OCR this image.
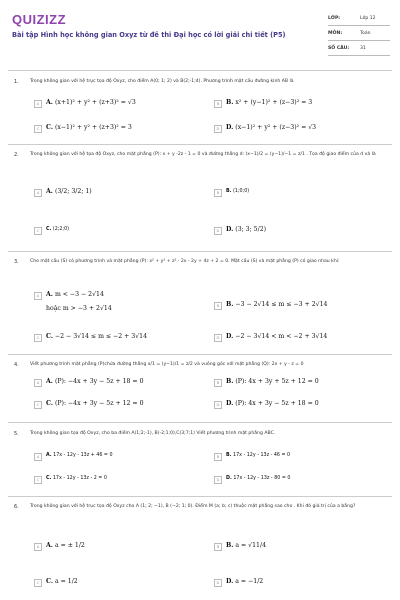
QUIZIZZ
Bài tập Hình học không gian Oxyz từ đề thi Đại học có lời giải chi tiết (P5)
LỚP:	Lớp 12
MÔN:	Toán
SỐ CÂU: 31
1. Trong không gian với hệ trục tọa độ Oxyz, cho điểm A(0; 1; 2) và B(2;-1;4). Phương trình mặt cầu đường kính AB là
A	A. (x+1)² + y² + (z+3)² = √3	B	B. x² + (y−1)² + (z−3)² = 3
C	C. (x−1)² + y² + (z+3)² = 3	D	D. (x−1)² + y² + (z−3)² = √3
2. Trong không gian với hệ tọa độ Oxyz, cho mặt phẳng (P): x + y -2z - 1 = 0 và đường thẳng d: (x−1)/2 = (y−1)/−1 = z/1 . Tọa độ giao điểm của d và là
A	A. (3/2; 3/2; 1)	B	B. (1;0;0)
C	C. (2;2;0)	D	D. (3; 3; 5/2)
3. Cho mặt cầu (S) có phương trình và mặt phẳng (P): x² + y² + z² - 2x - 2y + 4z + 2 = 0. Mặt cầu (S) và mặt phẳng (P) có giao nhau khi:
A	A. m < −3 − 2√14
hoặc m > −3 + 2√14	B	B. −3 − 2√14 ≤ m ≤ −3 + 2√14
C	C. −2 − 3√14 ≤ m ≤ −2 + 3√14	D	D. −2 − 3√14 < m < −2 + 3√14
4. Viết phương trình mặt phẳng (P)chứa đường thẳng x/1 = (y−1)/1 = z/2 và vuông góc với mặt phẳng (Q): 2x + y - z = 0
A	A. (P): −4x + 3y − 5z + 18 = 0	B	B. (P): 4x + 3y + 5z + 12 = 0
C	C. (P): −4x + 3y − 5z + 12 = 0	D	D. (P): 4x + 3y − 5z + 18 = 0
5. Trong không gian tọa độ Oxyz, cho ba điểm A(1;2;-1), B(-2;1;0),C(3;7;1) Viết phương trình mặt phẳng ABC.
A	A. 17x - 12y - 13z + 46 = 0	B	B. 17x - 12y - 13z - 46 = 0
C	C. 17x - 12y - 13z - 2 = 0	D	D. 17x - 12y - 13z - 80 = 0
6. Trong không gian với hệ trục tọa độ Oxyz cho A (1; 2; −1), B (−2; 1; 0). Điểm M (a; b; c) thuộc mặt phẳng sao cho . Khi đó giá trị của a bằng?
A	A. a = ± 1/2	B	B. a = √11/4
C	C. a = 1/2	D	D. a = −1/2
